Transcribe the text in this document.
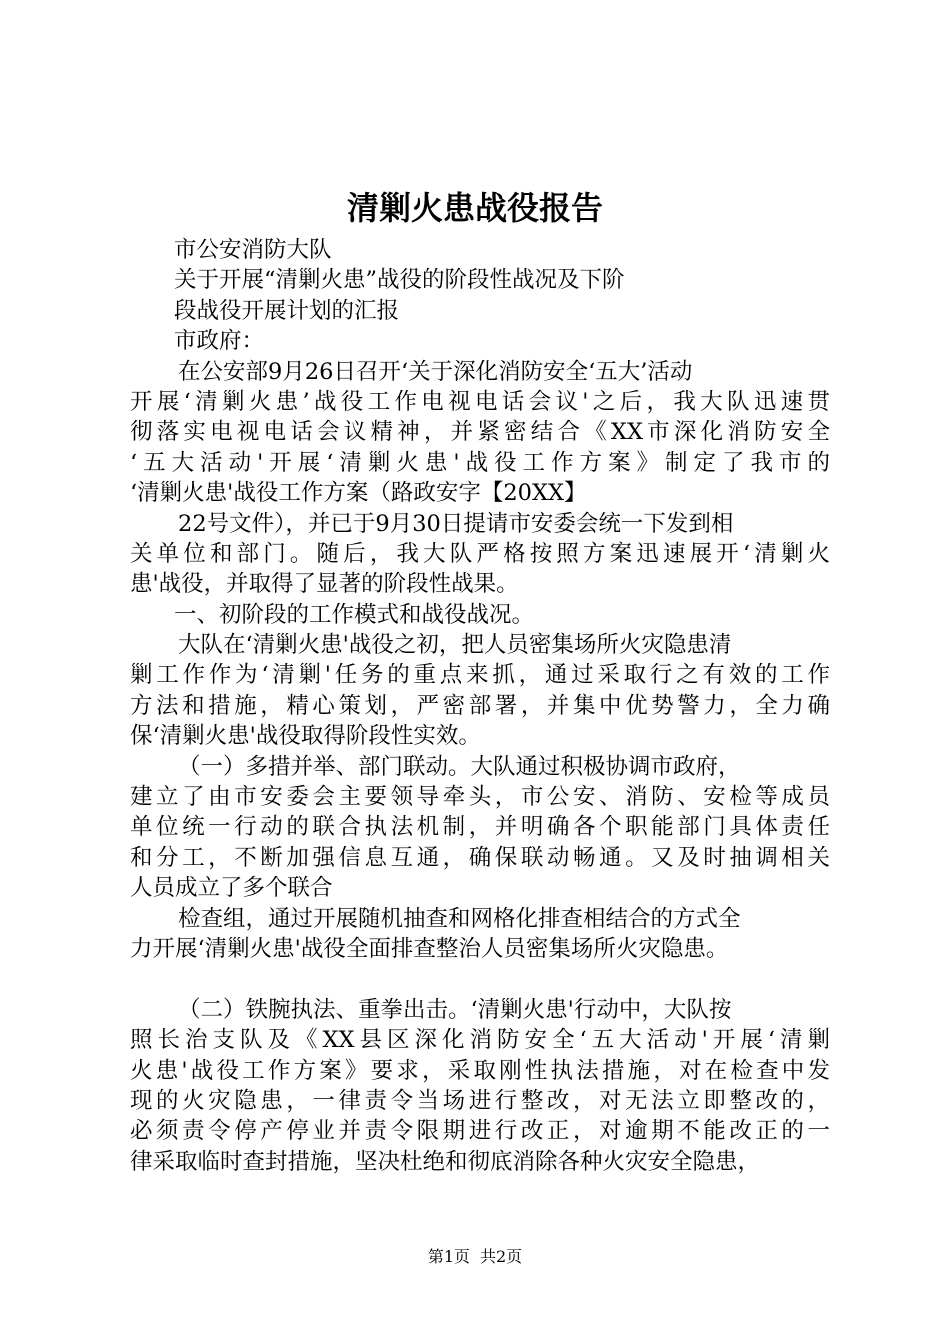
清剿火患战役报告
市公安消防大队
关于开展“清剿火患”战役的阶段性战况及下阶
段战役开展计划的汇报
市政府：
在公安部9月26日召开‘关于深化消防安全‘五大’活动
开展‘清剿火患’战役工作电视电话会议'之后，我大队迅速贯
彻落实电视电话会议精神，并紧密结合《XX市深化消防安全
‘五大活动'开展‘清剿火患'战役工作方案》制定了我市的
‘清剿火患'战役工作方案（路政安字【20XX】
22号文件），并已于9月30日提请市安委会统一下发到相
关单位和部门。随后，我大队严格按照方案迅速展开‘清剿火
患'战役，并取得了显著的阶段性战果。
一、初阶段的工作模式和战役战况。
大队在‘清剿火患'战役之初，把人员密集场所火灾隐患清
剿工作作为‘清剿'任务的重点来抓，通过采取行之有效的工作
方法和措施，精心策划，严密部署，并集中优势警力，全力确
保‘清剿火患'战役取得阶段性实效。
（一）多措并举、部门联动。大队通过积极协调市政府，
建立了由市安委会主要领导牵头，市公安、消防、安检等成员
单位统一行动的联合执法机制，并明确各个职能部门具体责任
和分工，不断加强信息互通，确保联动畅通。又及时抽调相关
人员成立了多个联合
检查组，通过开展随机抽查和网格化排查相结合的方式全
力开展‘清剿火患'战役全面排查整治人员密集场所火灾隐患。
（二）铁腕执法、重拳出击。‘清剿火患'行动中，大队按
照长治支队及《XX县区深化消防安全‘五大活动'开展‘清剿
火患'战役工作方案》要求，采取刚性执法措施，对在检查中发
现的火灾隐患，一律责令当场进行整改，对无法立即整改的，
必须责令停产停业并责令限期进行改正，对逾期不能改正的一
律采取临时查封措施，坚决杜绝和彻底消除各种火灾安全隐患，
第1页 共2页
